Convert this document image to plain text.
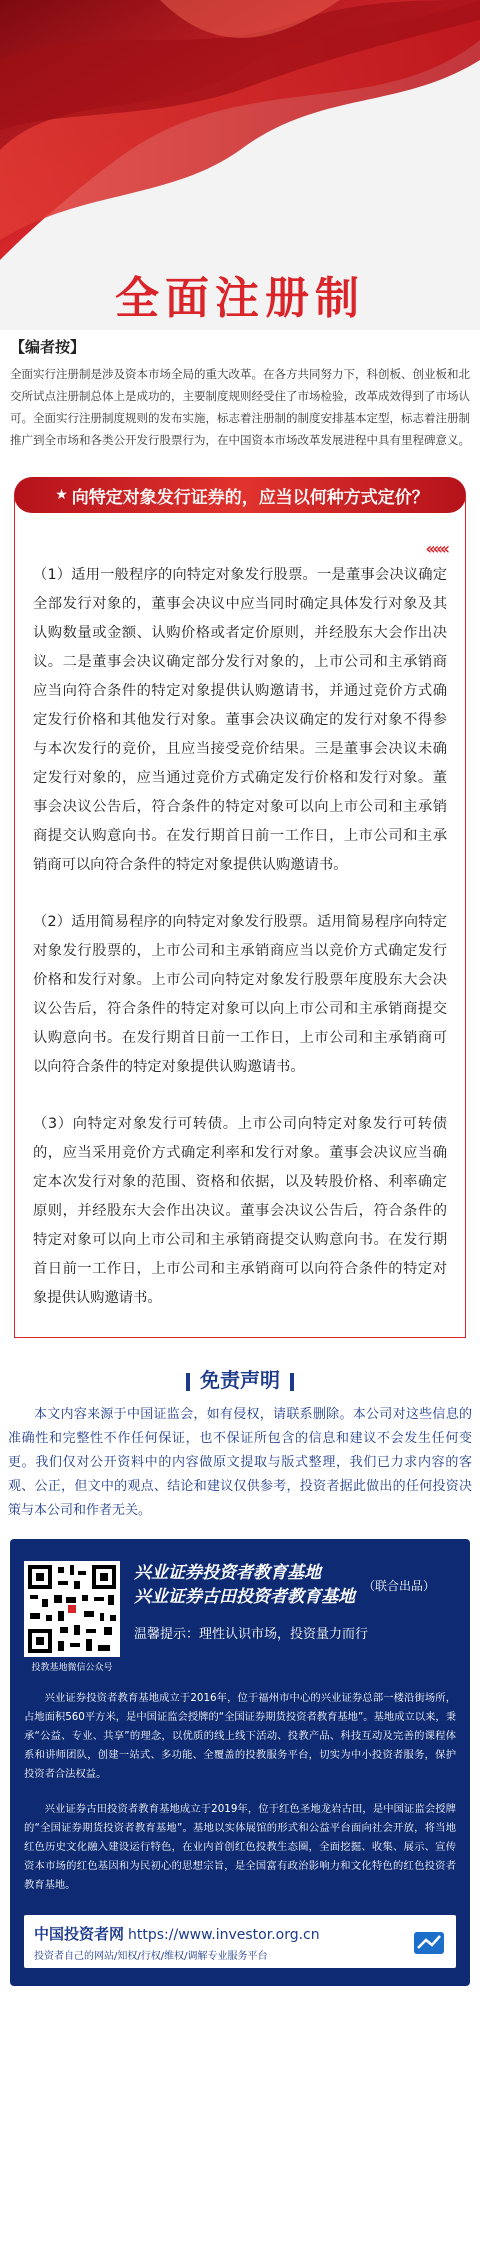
全面注册制
【编者按】

全面实行注册制是涉及资本市场全局的重大改革。在各方共同努力下，科创板、创业板和北交所试点注册制总体上是成功的，主要制度规则经受住了市场检验，改革成效得到了市场认可。全面实行注册制度规则的发布实施，标志着注册制的制度安排基本定型，标志着注册制推广到全市场和各类公开发行股票行为，在中国资本市场改革发展进程中具有里程碑意义。

★ 向特定对象发行证券的，应当以何种方式定价？
‹‹‹‹‹‹

（1）适用一般程序的向特定对象发行股票。一是董事会决议确定全部发行对象的，董事会决议中应当同时确定具体发行对象及其认购数量或金额、认购价格或者定价原则，并经股东大会作出决议。二是董事会决议确定部分发行对象的，上市公司和主承销商应当向符合条件的特定对象提供认购邀请书，并通过竞价方式确定发行价格和其他发行对象。董事会决议确定的发行对象不得参与本次发行的竞价，且应当接受竞价结果。三是董事会决议未确定发行对象的，应当通过竞价方式确定发行价格和发行对象。董事会决议公告后，符合条件的特定对象可以向上市公司和主承销商提交认购意向书。在发行期首日前一工作日，上市公司和主承销商可以向符合条件的特定对象提供认购邀请书。

（2）适用简易程序的向特定对象发行股票。适用简易程序向特定对象发行股票的，上市公司和主承销商应当以竞价方式确定发行价格和发行对象。上市公司向特定对象发行股票年度股东大会决议公告后，符合条件的特定对象可以向上市公司和主承销商提交认购意向书。在发行期首日前一工作日，上市公司和主承销商可以向符合条件的特定对象提供认购邀请书。

（3）向特定对象发行可转债。上市公司向特定对象发行可转债的，应当采用竞价方式确定利率和发行对象。董事会决议应当确定本次发行对象的范围、资格和依据，以及转股价格、利率确定原则，并经股东大会作出决议。董事会决议公告后，符合条件的特定对象可以向上市公司和主承销商提交认购意向书。在发行期首日前一工作日，上市公司和主承销商可以向符合条件的特定对象提供认购邀请书。

免责声明
本文内容来源于中国证监会，如有侵权，请联系删除。本公司对这些信息的准确性和完整性不作任何保证，也不保证所包含的信息和建议不会发生任何变更。我们仅对公开资料中的内容做原文提取与版式整理，我们已力求内容的客观、公正，但文中的观点、结论和建议仅供参考，投资者据此做出的任何投资决策与本公司和作者无关。
投教基地微信公众号
兴业证券投资者教育基地
兴业证券古田投资者教育基地
（联合出品）
温馨提示：理性认识市场，投资量力而行
兴业证券投资者教育基地成立于2016年，位于福州市中心的兴业证券总部一楼沿街场所，占地面积560平方米，是中国证监会授牌的“全国证券期货投资者教育基地”。基地成立以来，秉承“公益、专业、共享”的理念，以优质的线上线下活动、投教产品、科技互动及完善的课程体系和讲师团队，创建一站式、多功能、全覆盖的投教服务平台，切实为中小投资者服务，保护投资者合法权益。
兴业证券古田投资者教育基地成立于2019年，位于红色圣地龙岩古田，是中国证监会授牌的“全国证券期货投资者教育基地”。基地以实体展馆的形式和公益平台面向社会开放，将当地红色历史文化融入建设运行特色，在业内首创红色投教生态圈，全面挖掘、收集、展示、宣传资本市场的红色基因和为民初心的思想宗旨，是全国富有政治影响力和文化特色的红色投资者教育基地。
中国投资者网 https://www.investor.org.cn
投资者自己的网站/知权/行权/维权/调解专业服务平台
